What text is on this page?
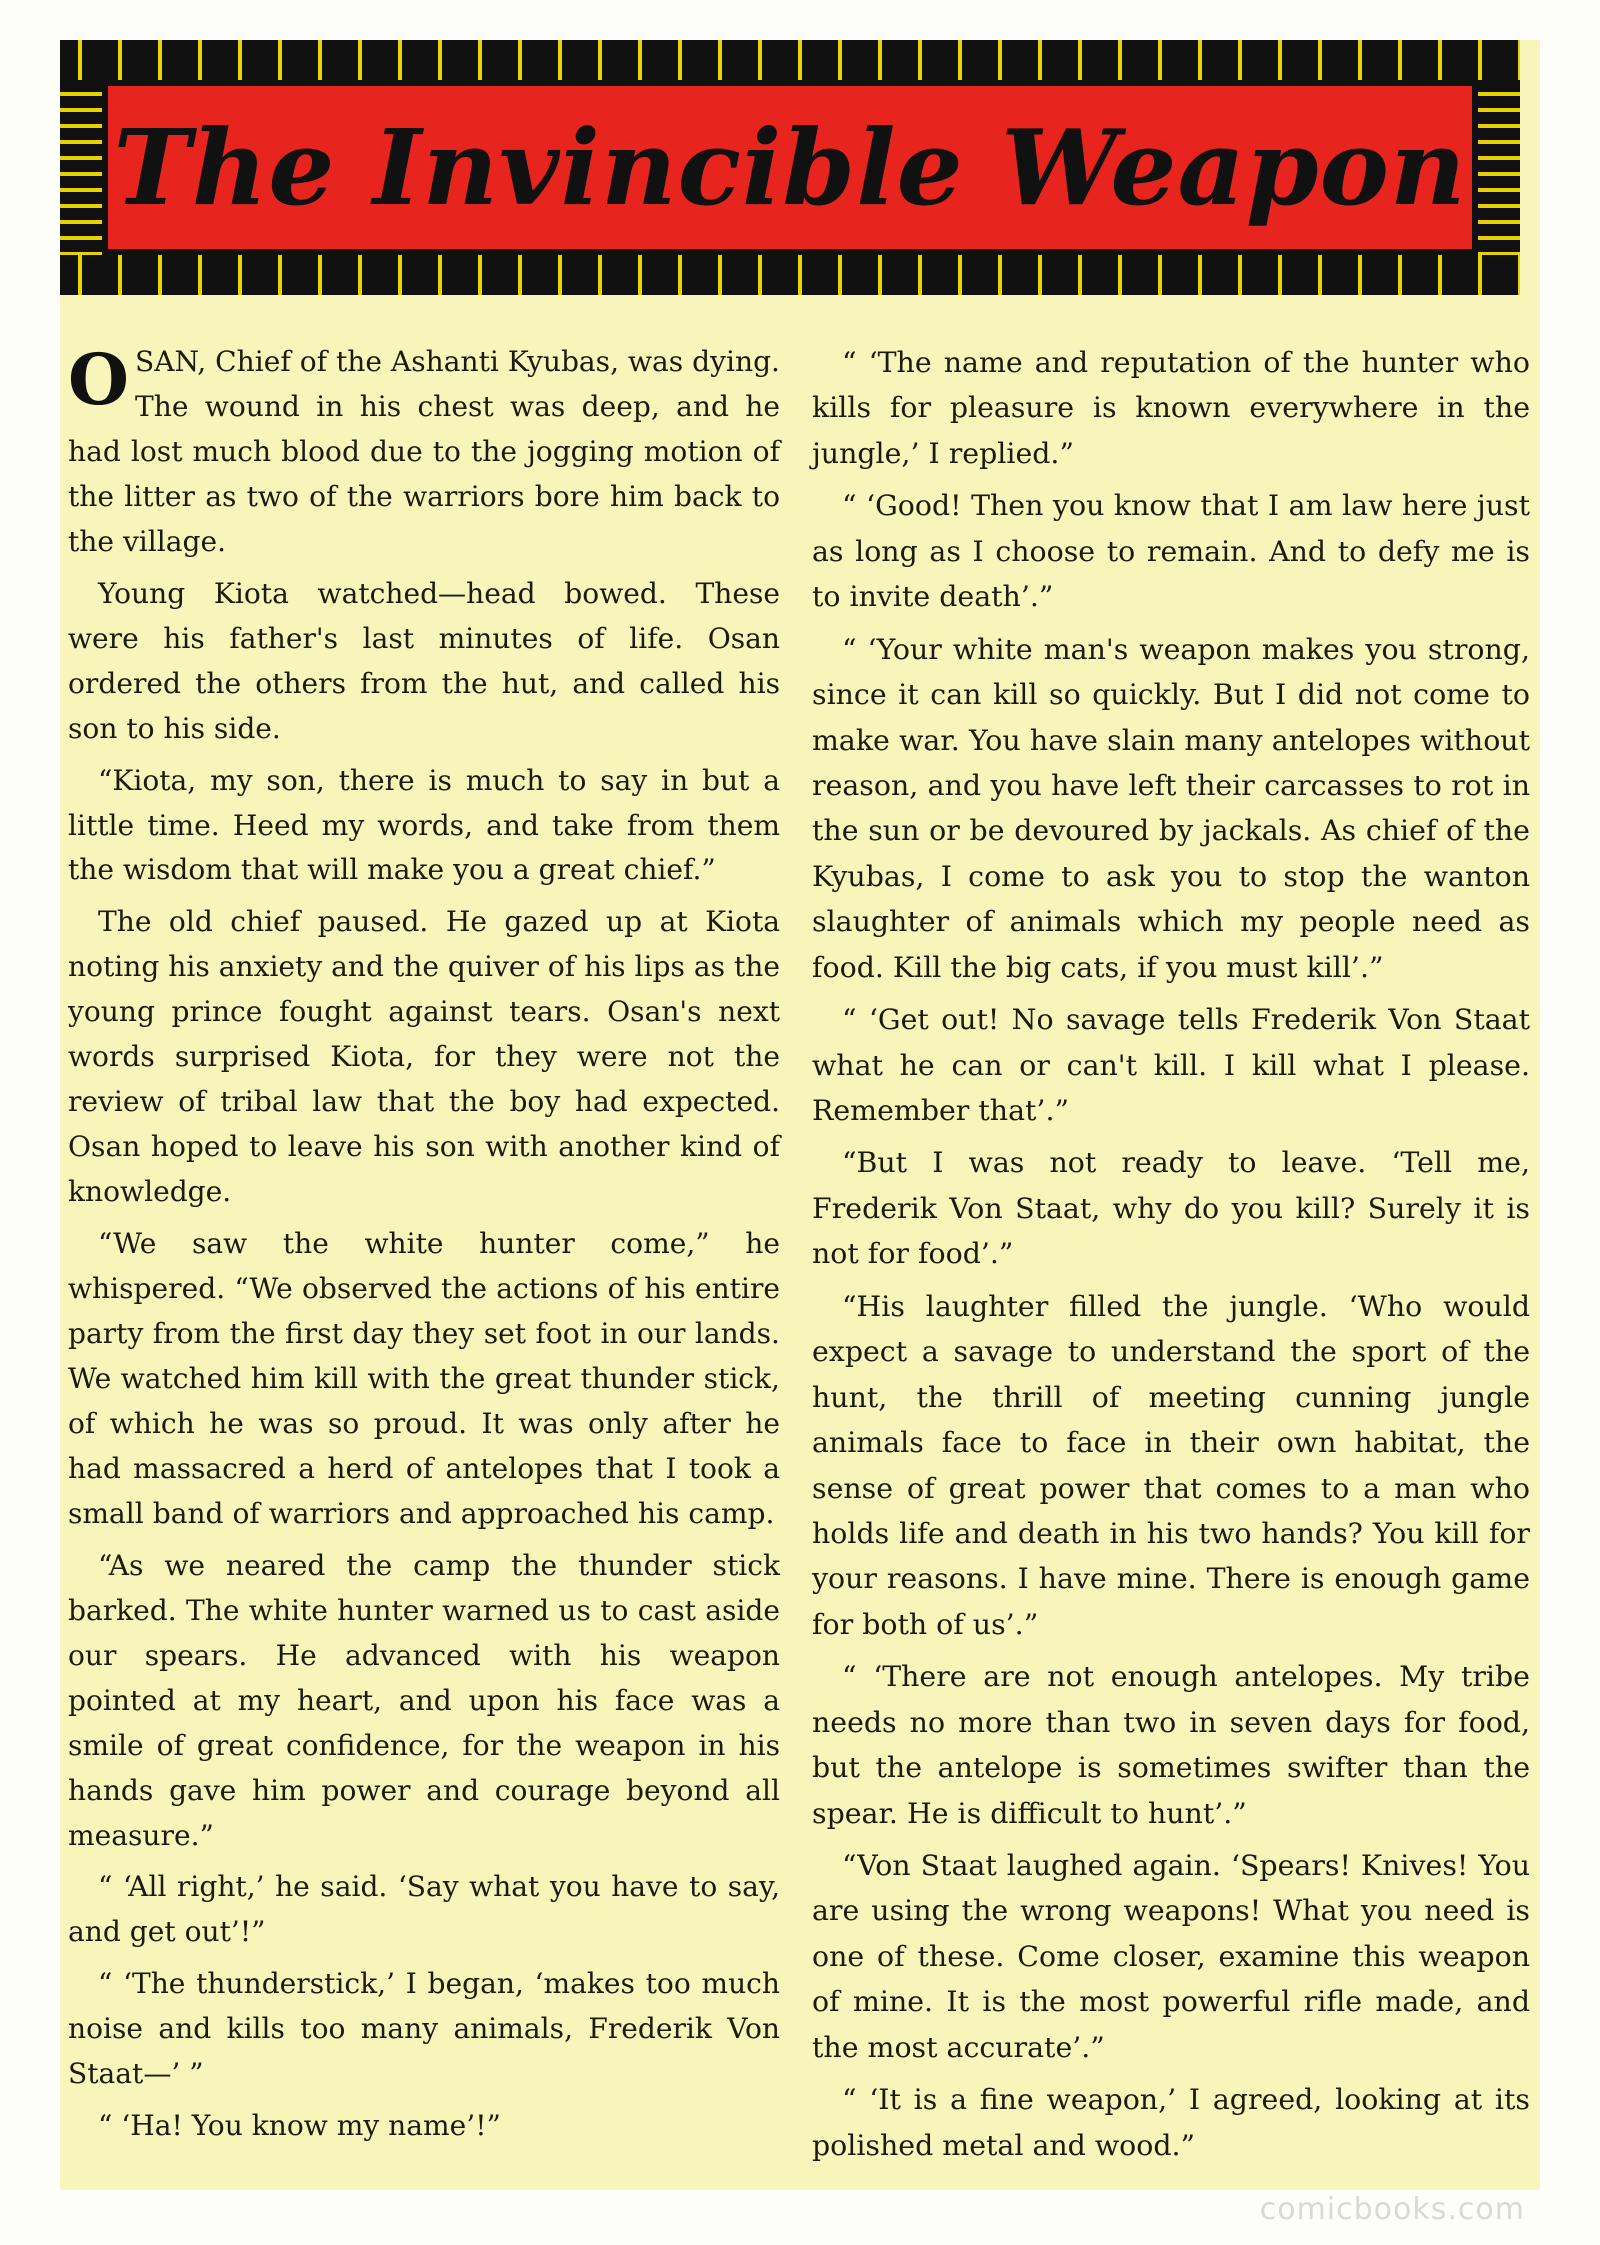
The Invincible Weapon

OSAN, Chief of the Ashanti Kyubas, was dying. The wound in his chest was deep, and he had lost much blood due to the jogging motion of the litter as two of the warriors bore him back to the village.

Young Kiota watched—head bowed. These were his father's last minutes of life. Osan ordered the others from the hut, and called his son to his side.

“Kiota, my son, there is much to say in but a little time. Heed my words, and take from them the wisdom that will make you a great chief.”

The old chief paused. He gazed up at Kiota noting his anxiety and the quiver of his lips as the young prince fought against tears. Osan's next words surprised Kiota, for they were not the review of tribal law that the boy had expected. Osan hoped to leave his son with another kind of knowledge.

“We saw the white hunter come,” he whispered. “We observed the actions of his entire party from the first day they set foot in our lands. We watched him kill with the great thunder stick, of which he was so proud. It was only after he had massacred a herd of antelopes that I took a small band of warriors and approached his camp.

“As we neared the camp the thunder stick barked. The white hunter warned us to cast aside our spears. He advanced with his weapon pointed at my heart, and upon his face was a smile of great confidence, for the weapon in his hands gave him power and courage beyond all measure.”

“ ‘All right,’ he said. ‘Say what you have to say, and get out’!”

“ ‘The thunderstick,’ I began, ‘makes too much noise and kills too many animals, Frederik Von Staat—’ ”

“ ‘Ha! You know my name’!”

“ ‘The name and reputation of the hunter who kills for pleasure is known everywhere in the jungle,’ I replied.”

“ ‘Good! Then you know that I am law here just as long as I choose to remain. And to defy me is to invite death’.”

“ ‘Your white man's weapon makes you strong, since it can kill so quickly. But I did not come to make war. You have slain many antelopes without reason, and you have left their carcasses to rot in the sun or be devoured by jackals. As chief of the Kyubas, I come to ask you to stop the wanton slaughter of animals which my people need as food. Kill the big cats, if you must kill’.”

“ ‘Get out! No savage tells Frederik Von Staat what he can or can't kill. I kill what I please. Remember that’.”

“But I was not ready to leave. ‘Tell me, Frederik Von Staat, why do you kill? Surely it is not for food’.”

“His laughter filled the jungle. ‘Who would expect a savage to understand the sport of the hunt, the thrill of meeting cunning jungle animals face to face in their own habitat, the sense of great power that comes to a man who holds life and death in his two hands? You kill for your reasons. I have mine. There is enough game for both of us’.”

“ ‘There are not enough antelopes. My tribe needs no more than two in seven days for food, but the antelope is sometimes swifter than the spear. He is difficult to hunt’.”

“Von Staat laughed again. ‘Spears! Knives! You are using the wrong weapons! What you need is one of these. Come closer, examine this weapon of mine. It is the most powerful rifle made, and the most accurate’.”

“ ‘It is a fine weapon,’ I agreed, looking at its polished metal and wood.”

comicbooks.com
